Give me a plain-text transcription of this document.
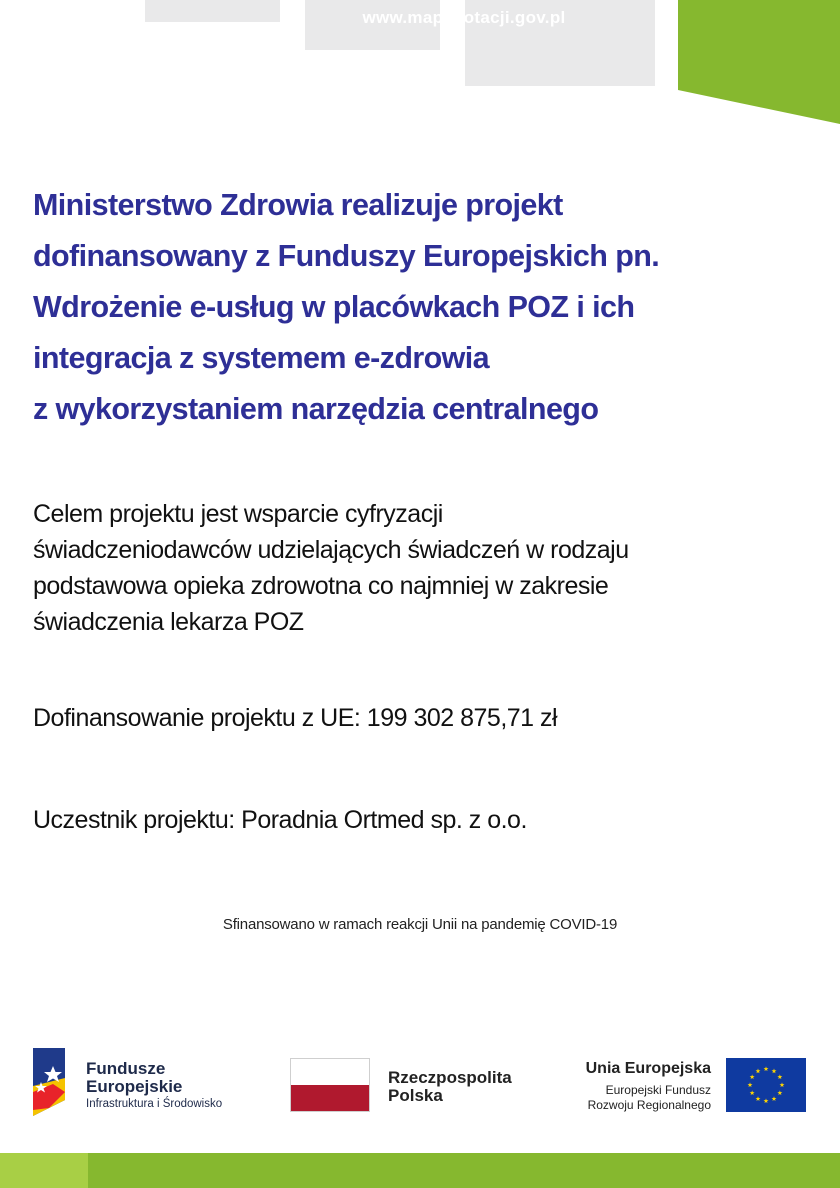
Ministerstwo Zdrowia realizuje projekt
dofinansowany z Funduszy Europejskich pn.
Wdrożenie e-usług w placówkach POZ i ich
integracja z systemem e-zdrowia
z wykorzystaniem narzędzia centralnego

Celem projektu jest wsparcie cyfryzacji
świadczeniodawców udzielających świadczeń w rodzaju
podstawowa opieka zdrowotna co najmniej w zakresie
świadczenia lekarza POZ

Dofinansowanie projektu z UE: 199 302 875,71 zł

Uczestnik projektu: Poradnia Ortmed sp. z o.o.

Sfinansowano w ramach reakcji Unii na pandemię COVID-19
Fundusze
Europejskie
Infrastruktura i Środowisko
Rzeczpospolita
Polska
Unia Europejska
Europejski Fundusz
Rozwoju Regionalnego
www.mapadotacji.gov.pl
